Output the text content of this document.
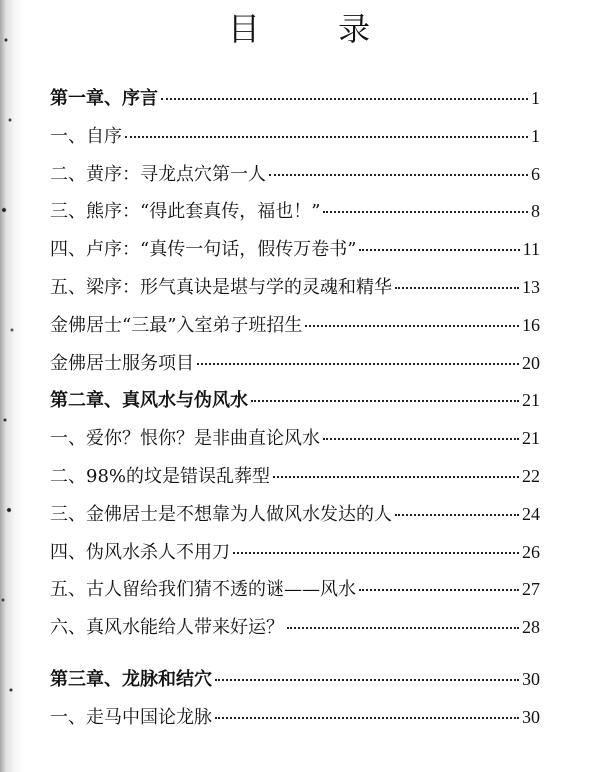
目 录
第一章、序言	1
一、自序	1
二、黄序：寻龙点穴第一人	6
三、熊序：“得此套真传，福也！”	8
四、卢序：“真传一句话，假传万卷书”	11
五、梁序：形气真诀是堪与学的灵魂和精华	13
金佛居士“三最”入室弟子班招生	16
金佛居士服务项目	20
第二章、真风水与伪风水	21
一、爱你？恨你？是非曲直论风水	21
二、98%的坟是错误乱葬型	22
三、金佛居士是不想靠为人做风水发达的人	24
四、伪风水杀人不用刀	26
五、古人留给我们猜不透的谜——风水	27
六、真风水能给人带来好运？	28
第三章、龙脉和结穴	30
一、走马中国论龙脉	30
